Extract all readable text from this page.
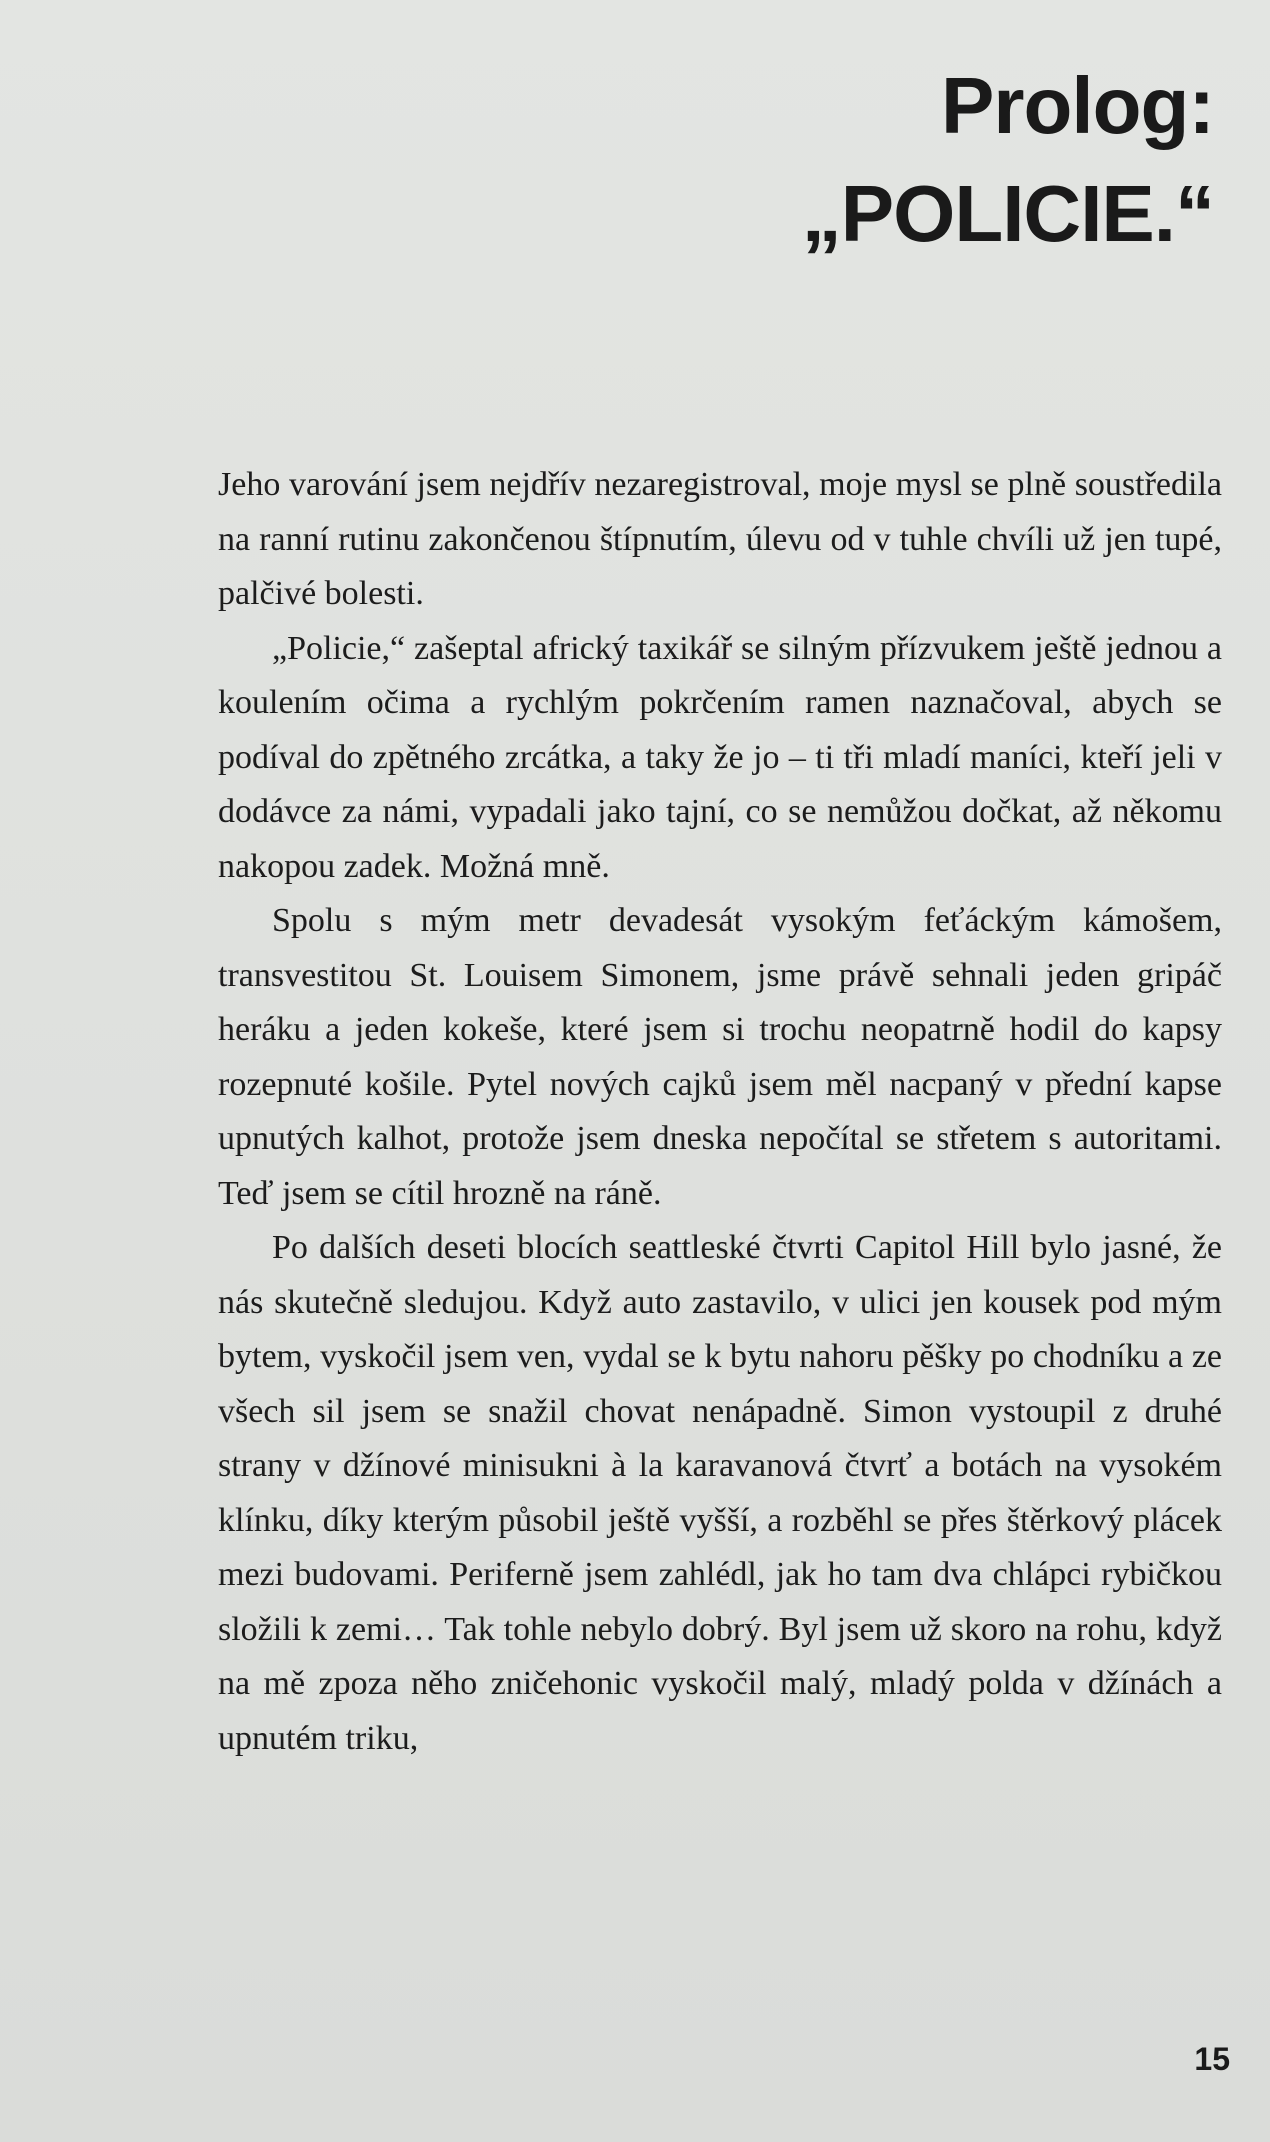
Prolog:
„POLICIE.“

Jeho varování jsem nejdřív nezaregistroval, moje mysl se plně soustředila na ranní rutinu zakončenou štípnutím, úlevu od v tuhle chvíli už jen tupé, palčivé bolesti.

„Policie,“ zašeptal africký taxikář se silným přízvukem ještě jednou a koulením očima a rychlým pokrčením ramen naznačoval, abych se podíval do zpětného zrcátka, a taky že jo – ti tři mladí maníci, kteří jeli v dodávce za námi, vypadali jako tajní, co se nemůžou dočkat, až někomu nakopou zadek. Možná mně.

Spolu s mým metr devadesát vysokým feťáckým kámošem, transvestitou St. Louisem Simonem, jsme právě sehnali jeden gripáč heráku a jeden kokeše, které jsem si trochu neopatrně hodil do kapsy rozepnuté košile. Pytel nových cajků jsem měl nacpaný v přední kapse upnutých kalhot, protože jsem dneska nepočítal se střetem s autoritami. Teď jsem se cítil hrozně na ráně.

Po dalších deseti blocích seattleské čtvrti Capitol Hill bylo jasné, že nás skutečně sledujou. Když auto zastavilo, v ulici jen kousek pod mým bytem, vyskočil jsem ven, vydal se k bytu nahoru pěšky po chodníku a ze všech sil jsem se snažil chovat nenápadně. Simon vystoupil z druhé strany v džínové minisukni à la karavanová čtvrť a botách na vysokém klínku, díky kterým působil ještě vyšší, a rozběhl se přes štěrkový plácek mezi budovami. Periferně jsem zahlédl, jak ho tam dva chlápci rybičkou složili k zemi… Tak tohle nebylo dobrý. Byl jsem už skoro na rohu, když na mě zpoza něho zničehonic vyskočil malý, mladý polda v džínách a upnutém triku,

15
